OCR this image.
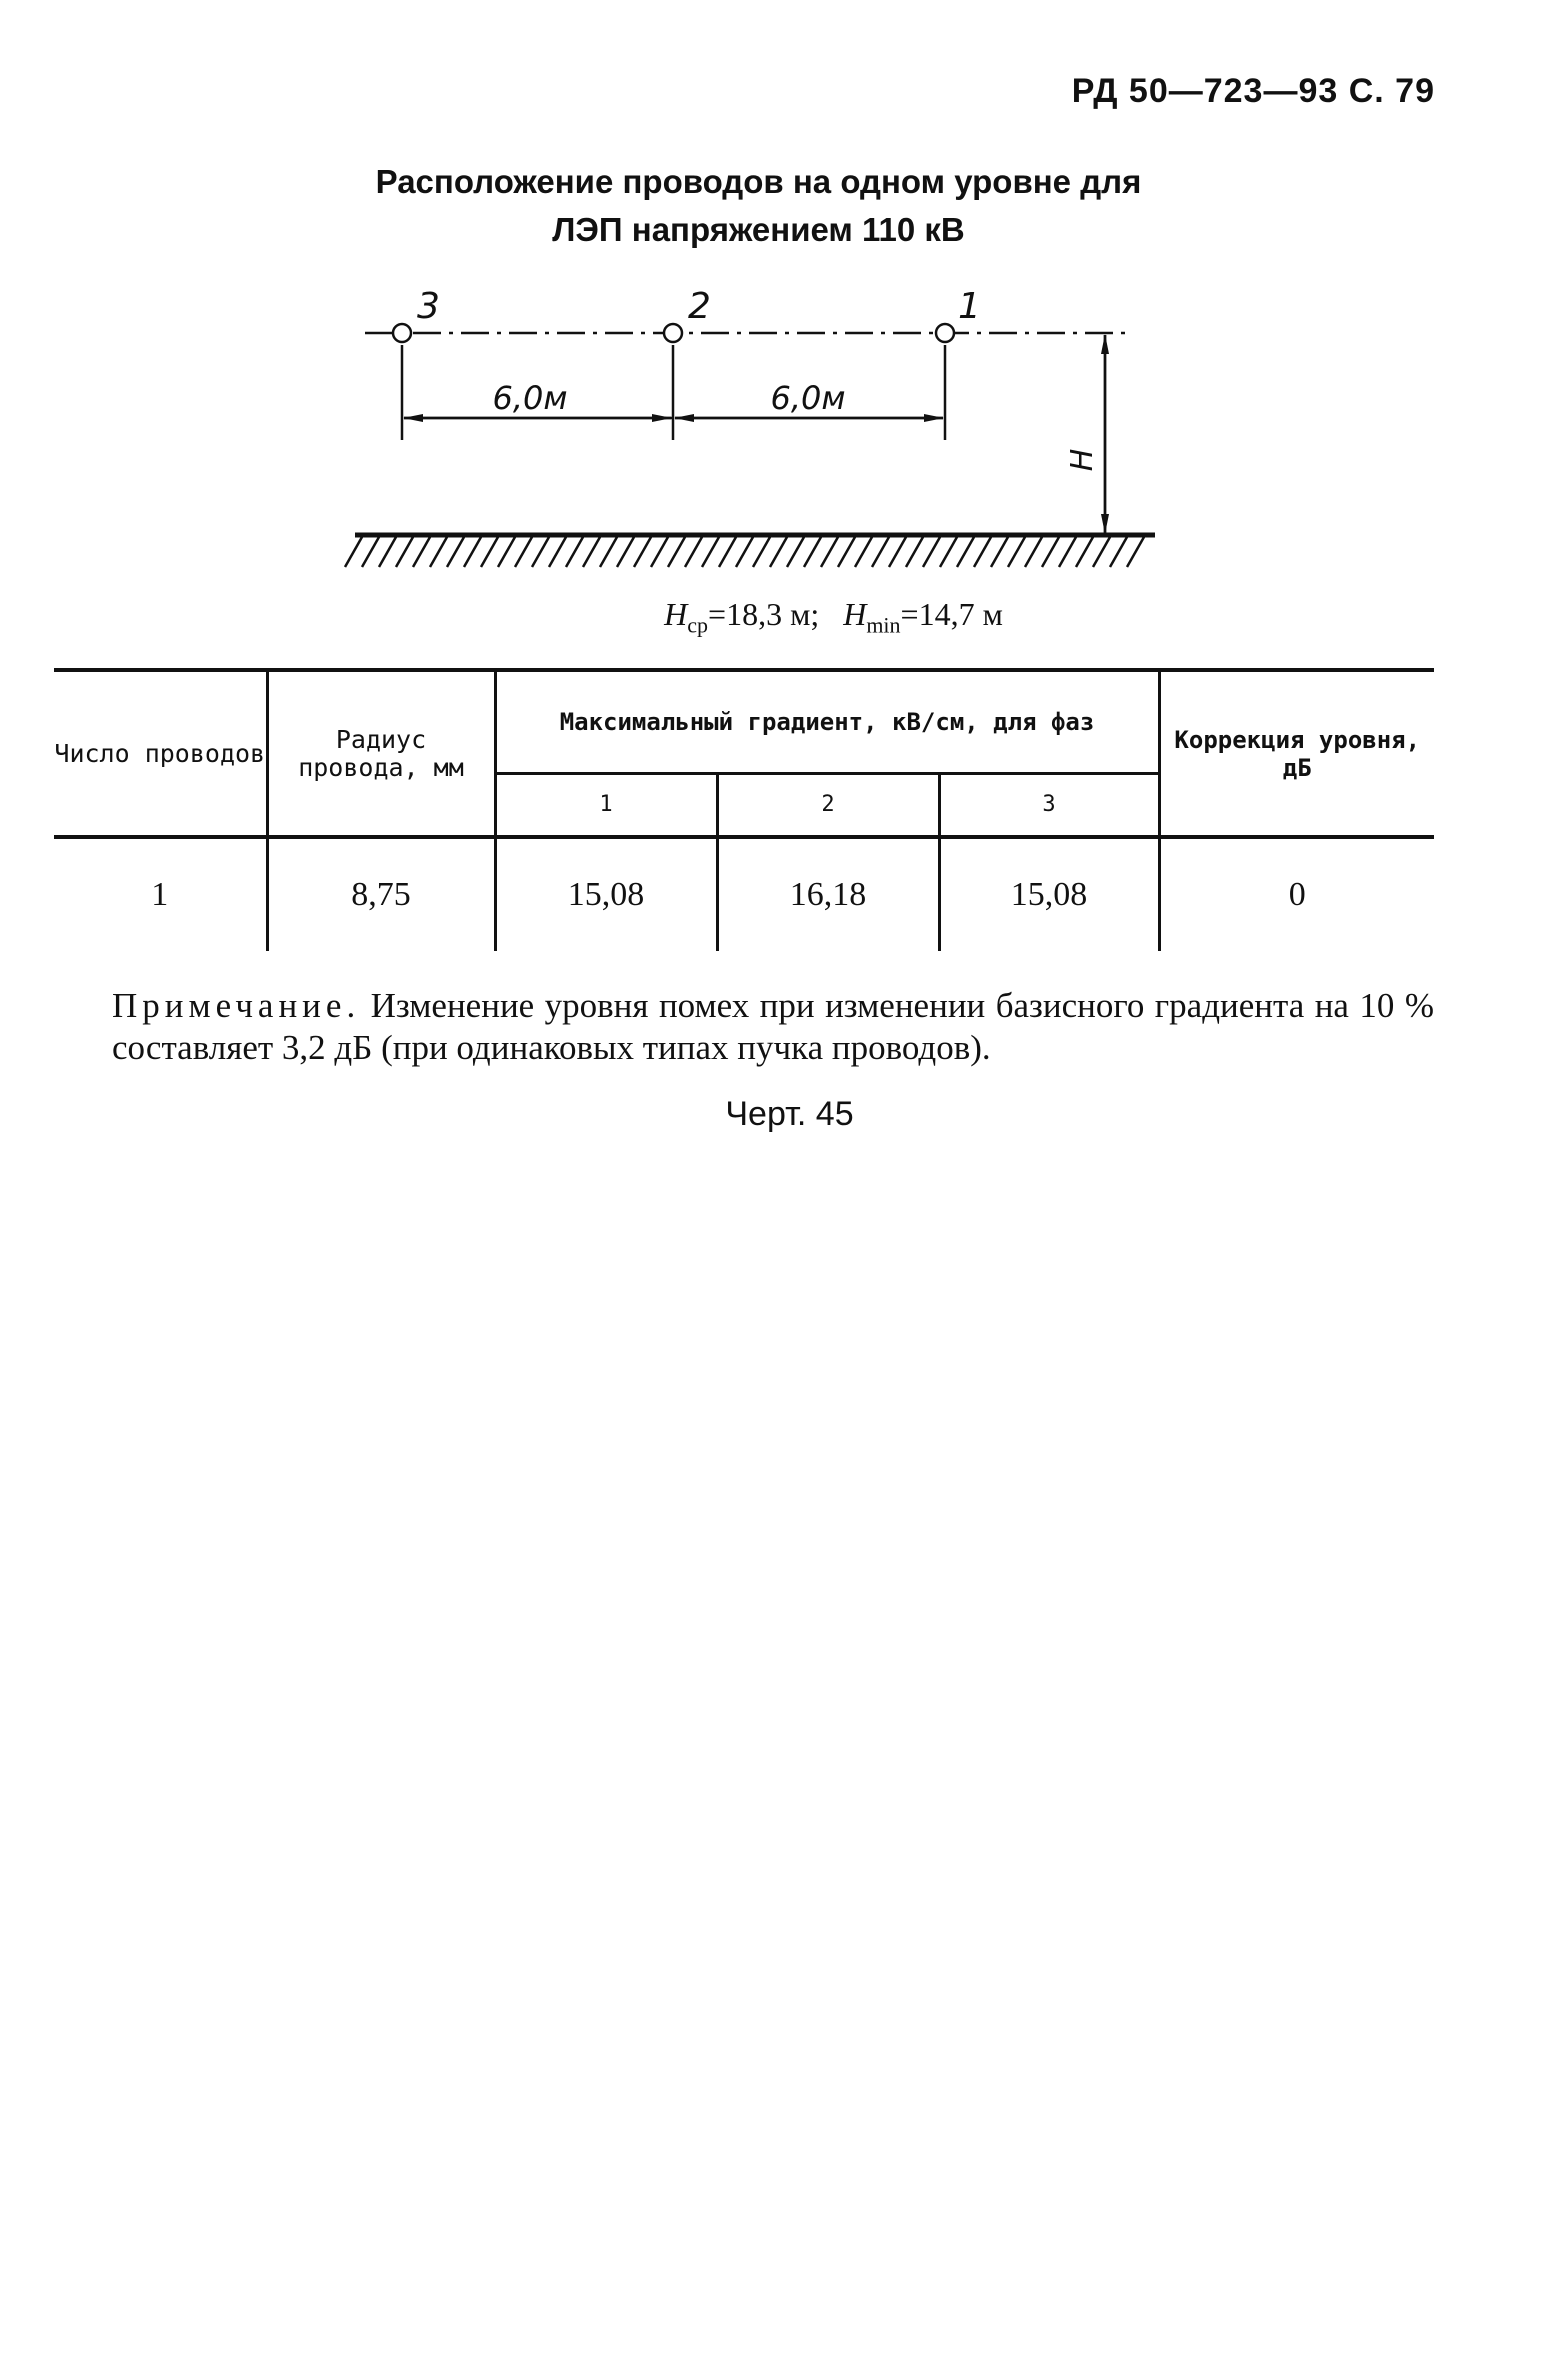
РД 50—723—93 С. 79
Расположение проводов на одном уровне для
ЛЭП напряжением 110 кВ
6,0м	6,0м
3	2	1
H
$H_{ср}=18,3$ м; $H_{min}=14,7$ м
Число проводов	Радиус провода, мм	Максимальный градиент, кВ/см, для фаз			Коррекция уровня, дБ
		1	2	3	
1	8,75	15,08	16,18	15,08	0
Примечание. Изменение уровня помех при изменении базисного градиента на 10 % составляет 3,2 дБ (при одинаковых типах пучка проводов).
Черт. 45
